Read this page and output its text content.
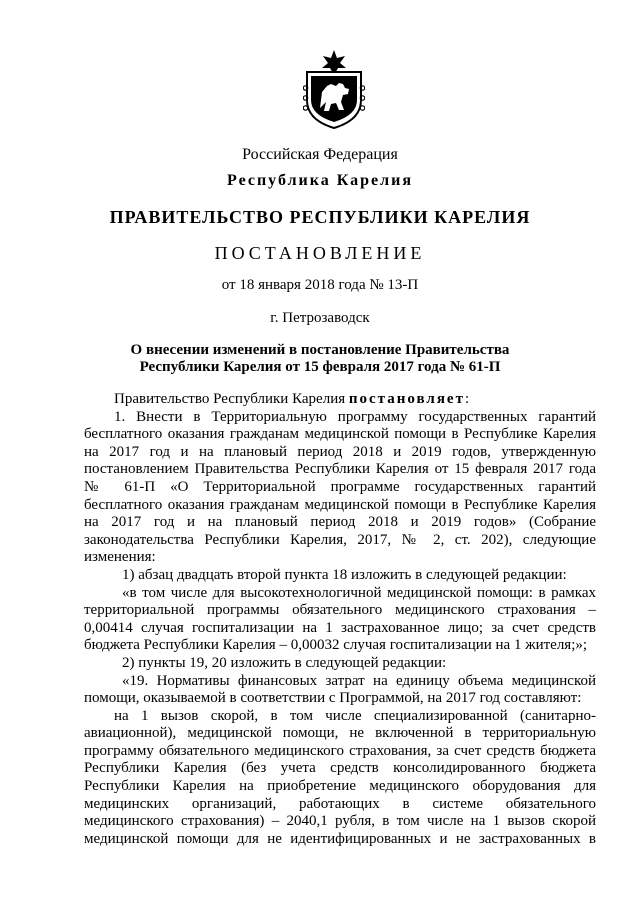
Российская Федерация
Республика Карелия
ПРАВИТЕЛЬСТВО РЕСПУБЛИКИ КАРЕЛИЯ
ПОСТАНОВЛЕНИЕ
от 18 января 2018 года № 13-П
г. Петрозаводск
О внесении изменений в постановление Правительства
Республики Карелия от 15 февраля 2017 года № 61-П
Правительство Республики Карелия постановляет:
1. Внести в Территориальную программу государственных гарантий
бесплатного оказания гражданам медицинской помощи в Республике Карелия
на 2017 год и на плановый период 2018 и 2019 годов, утвержденную
постановлением Правительства Республики Карелия от 15 февраля 2017 года
№ 61-П «О Территориальной программе государственных гарантий
бесплатного оказания гражданам медицинской помощи в Республике Карелия
на 2017 год и на плановый период 2018 и 2019 годов» (Собрание
законодательства Республики Карелия, 2017, № 2, ст. 202), следующие
изменения:
1) абзац двадцать второй пункта 18 изложить в следующей редакции:
«в том числе для высокотехнологичной медицинской помощи: в рамках
территориальной программы обязательного медицинского страхования –
0,00414 случая госпитализации на 1 застрахованное лицо; за счет средств
бюджета Республики Карелия – 0,00032 случая госпитализации на 1 жителя;»;
2) пункты 19, 20 изложить в следующей редакции:
«19. Нормативы финансовых затрат на единицу объема медицинской
помощи, оказываемой в соответствии с Программой, на 2017 год составляют:
на 1 вызов скорой, в том числе специализированной (санитарно-
авиационной), медицинской помощи, не включенной в территориальную
программу обязательного медицинского страхования, за счет средств бюджета
Республики Карелия (без учета средств консолидированного бюджета
Республики Карелия на приобретение медицинского оборудования для
медицинских организаций, работающих в системе обязательного
медицинского страхования) – 2040,1 рубля, в том числе на 1 вызов скорой
медицинской помощи для не идентифицированных и не застрахованных в
